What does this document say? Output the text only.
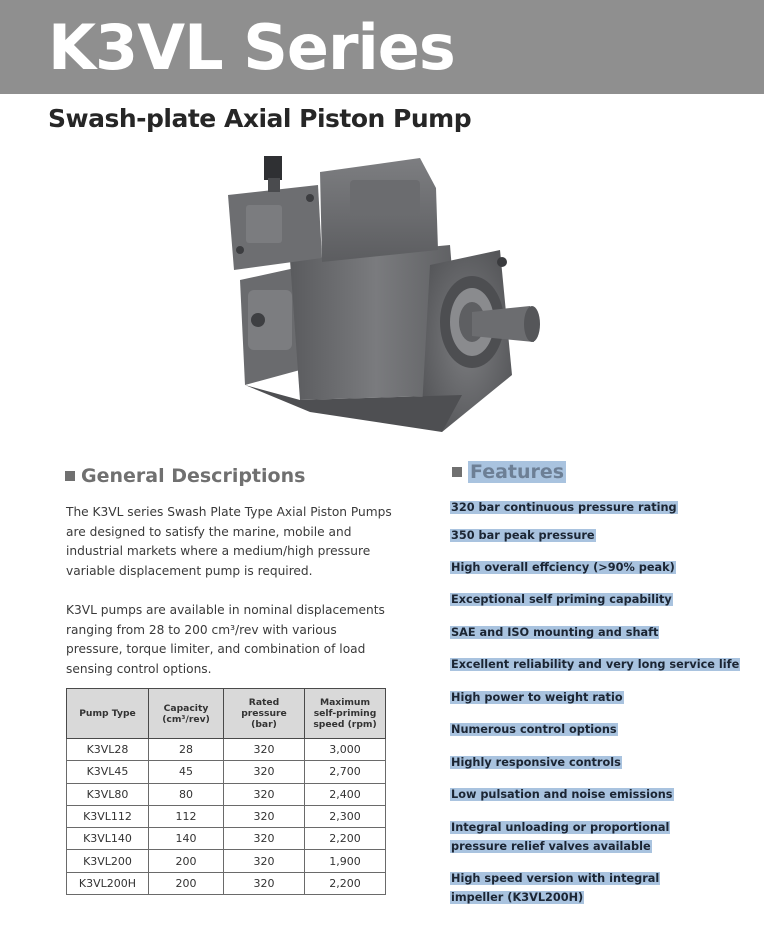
K3VL Series
Swash-plate Axial Piston Pump
General Descriptions

The K3VL series Swash Plate Type Axial Piston Pumps are designed to satisfy the marine, mobile and industrial markets where a medium/high pressure variable displacement pump is required.

K3VL pumps are available in nominal displacements ranging from 28 to 200 cm³/rev with various pressure, torque limiter, and combination of load sensing control options.

Pump Type	Capacity (cm³/rev)	Rated pressure (bar)	Maximum self-priming speed (rpm)
K3VL28	28	320	3,000
K3VL45	45	320	2,700
K3VL80	80	320	2,400
K3VL112	112	320	2,300
K3VL140	140	320	2,200
K3VL200	200	320	1,900
K3VL200H	200	320	2,200
Features
320 bar continuous pressure rating
350 bar peak pressure
High overall effciency (>90% peak)
Exceptional self priming capability
SAE and ISO mounting and shaft
Excellent reliability and very long service life
High power to weight ratio
Numerous control options
Highly responsive controls
Low pulsation and noise emissions
Integral unloading or proportional pressure relief valves available
High speed version with integral impeller (K3VL200H)
